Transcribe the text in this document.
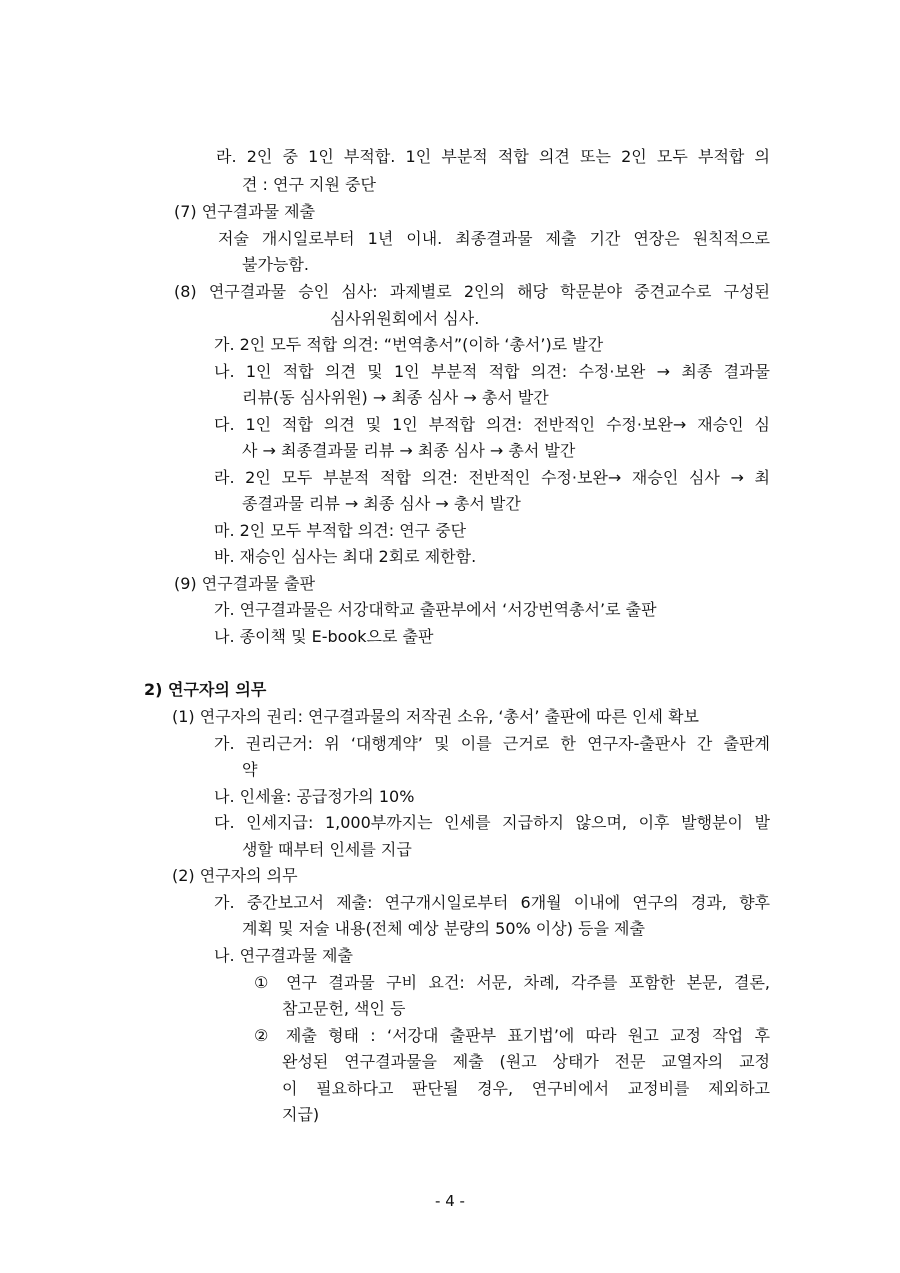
라. 2인 중 1인 부적합. 1인 부분적 적합 의견 또는 2인 모두 부적합 의
견 : 연구 지원 중단
(7) 연구결과물 제출
저술 개시일로부터 1년 이내. 최종결과물 제출 기간 연장은 원칙적으로
불가능함.
(8) 연구결과물 승인 심사: 과제별로 2인의 해당 학문분야 중견교수로 구성된
심사위원회에서 심사.
가. 2인 모두 적합 의견: “번역총서”(이하 ‘총서’)로 발간
나. 1인 적합 의견 및 1인 부분적 적합 의견: 수정·보완 → 최종 결과물
리뷰(동 심사위원) → 최종 심사 → 총서 발간
다. 1인 적합 의견 및 1인 부적합 의견: 전반적인 수정·보완→ 재승인 심
사 → 최종결과물 리뷰 → 최종 심사 → 총서 발간
라. 2인 모두 부분적 적합 의견: 전반적인 수정·보완→ 재승인 심사 → 최
종결과물 리뷰 → 최종 심사 → 총서 발간
마. 2인 모두 부적합 의견: 연구 중단
바. 재승인 심사는 최대 2회로 제한함.
(9) 연구결과물 출판
가. 연구결과물은 서강대학교 출판부에서 ‘서강번역총서’로 출판
나. 종이책 및 E-book으로 출판
2) 연구자의 의무
(1) 연구자의 권리: 연구결과물의 저작권 소유, ‘총서’ 출판에 따른 인세 확보
가. 권리근거: 위 ‘대행계약’ 및 이를 근거로 한 연구자-출판사 간 출판계
약
나. 인세율: 공급정가의 10%
다. 인세지급: 1,000부까지는 인세를 지급하지 않으며, 이후 발행분이 발
생할 때부터 인세를 지급
(2) 연구자의 의무
가. 중간보고서 제출: 연구개시일로부터 6개월 이내에 연구의 경과, 향후
계획 및 저술 내용(전체 예상 분량의 50% 이상) 등을 제출
나. 연구결과물 제출
① 연구 결과물 구비 요건: 서문, 차례, 각주를 포함한 본문, 결론,
참고문헌, 색인 등
② 제출 형태 : ‘서강대 출판부 표기법’에 따라 원고 교정 작업 후
완성된 연구결과물을 제출 (원고 상태가 전문 교열자의 교정
이 필요하다고 판단될 경우, 연구비에서 교정비를 제외하고
지급)
- 4 -
